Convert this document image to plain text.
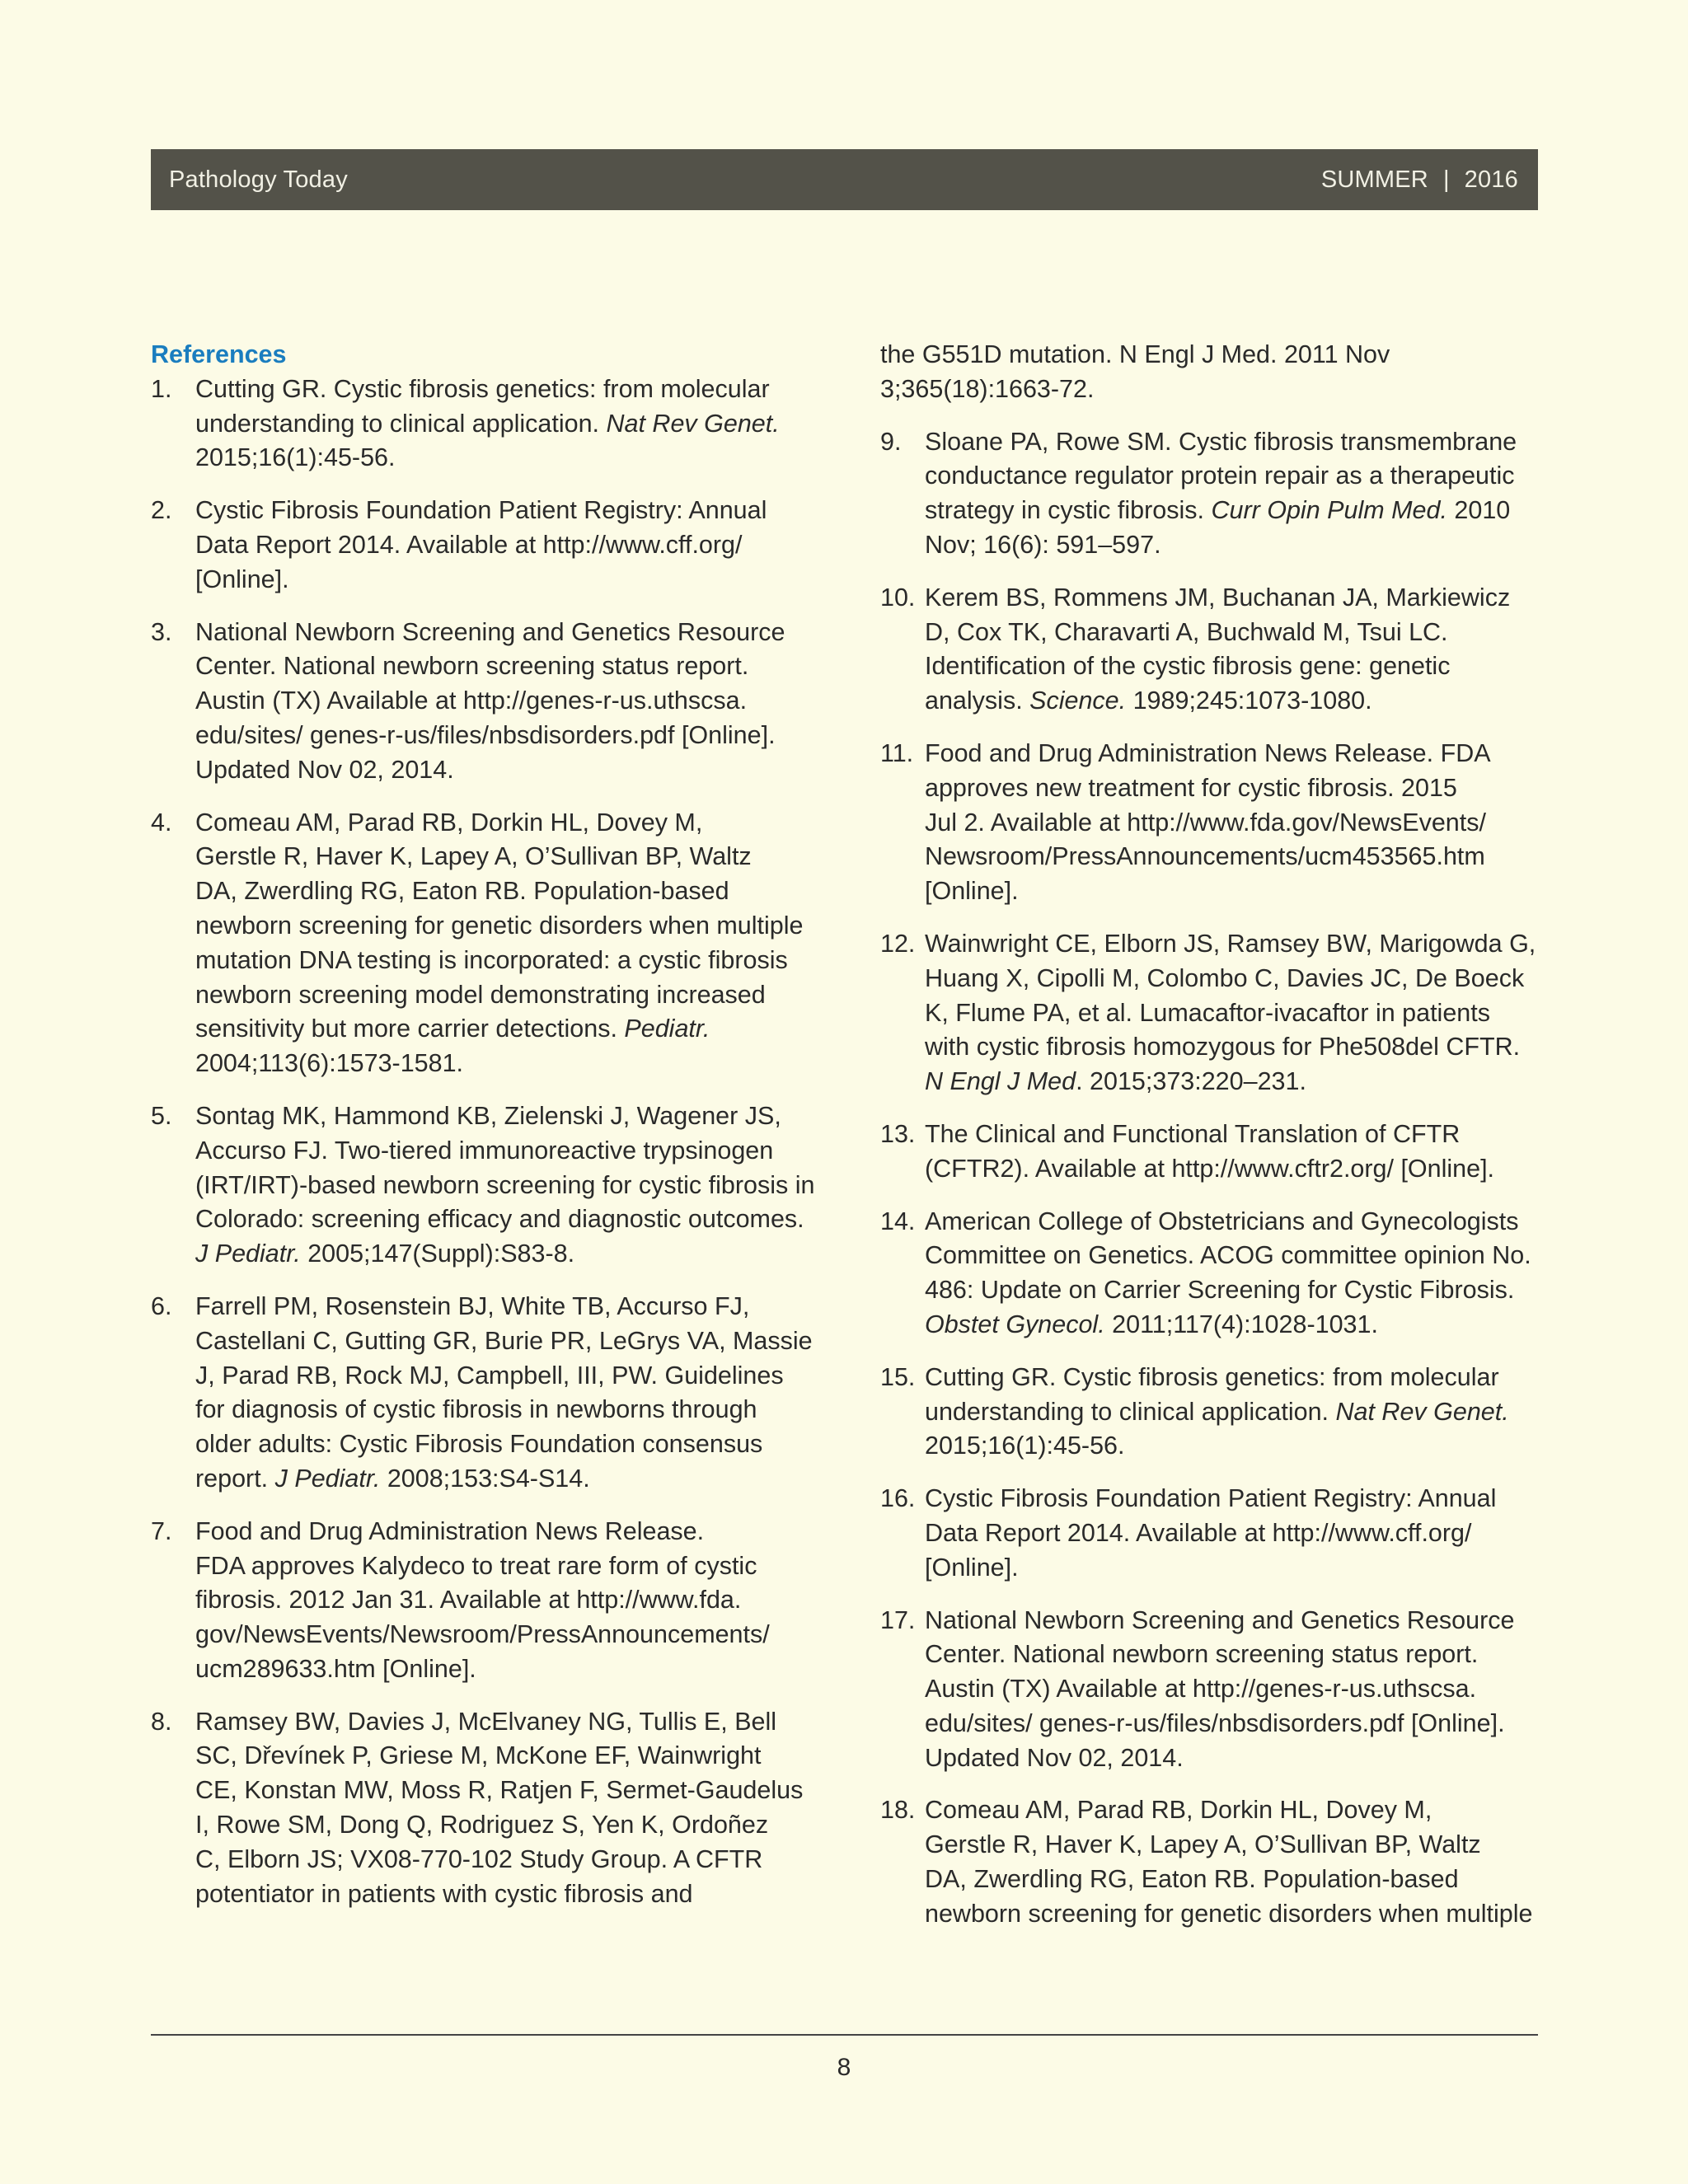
Pathology Today	SUMMER | 2016
References
1. Cutting GR. Cystic fibrosis genetics: from molecular
understanding to clinical application. Nat Rev Genet.
2015;16(1):45-56.
2. Cystic Fibrosis Foundation Patient Registry: Annual
Data Report 2014. Available at http://www.cff.org/
[Online].
3. National Newborn Screening and Genetics Resource
Center. National newborn screening status report.
Austin (TX) Available at http://genes-r-us.uthscsa.
edu/sites/ genes-r-us/files/nbsdisorders.pdf [Online].
Updated Nov 02, 2014.
4. Comeau AM, Parad RB, Dorkin HL, Dovey M,
Gerstle R, Haver K, Lapey A, O’Sullivan BP, Waltz
DA, Zwerdling RG, Eaton RB. Population-based
newborn screening for genetic disorders when multiple
mutation DNA testing is incorporated: a cystic fibrosis
newborn screening model demonstrating increased
sensitivity but more carrier detections. Pediatr.
2004;113(6):1573-1581.
5. Sontag MK, Hammond KB, Zielenski J, Wagener JS,
Accurso FJ. Two-tiered immunoreactive trypsinogen
(IRT/IRT)-based newborn screening for cystic fibrosis in
Colorado: screening efficacy and diagnostic outcomes.
J Pediatr. 2005;147(Suppl):S83-8.
6. Farrell PM, Rosenstein BJ, White TB, Accurso FJ,
Castellani C, Gutting GR, Burie PR, LeGrys VA, Massie
J, Parad RB, Rock MJ, Campbell, III, PW. Guidelines
for diagnosis of cystic fibrosis in newborns through
older adults: Cystic Fibrosis Foundation consensus
report. J Pediatr. 2008;153:S4-S14.
7. Food and Drug Administration News Release.
FDA approves Kalydeco to treat rare form of cystic
fibrosis. 2012 Jan 31. Available at http://www.fda.
gov/NewsEvents/Newsroom/PressAnnouncements/
ucm289633.htm [Online].
8. Ramsey BW, Davies J, McElvaney NG, Tullis E, Bell
SC, Dřevínek P, Griese M, McKone EF, Wainwright
CE, Konstan MW, Moss R, Ratjen F, Sermet-Gaudelus
I, Rowe SM, Dong Q, Rodriguez S, Yen K, Ordoñez
C, Elborn JS; VX08-770-102 Study Group. A CFTR
potentiator in patients with cystic fibrosis and
the G551D mutation. N Engl J Med. 2011 Nov
3;365(18):1663-72.
9. Sloane PA, Rowe SM. Cystic fibrosis transmembrane
conductance regulator protein repair as a therapeutic
strategy in cystic fibrosis. Curr Opin Pulm Med. 2010
Nov; 16(6): 591–597.
10. Kerem BS, Rommens JM, Buchanan JA, Markiewicz
D, Cox TK, Charavarti A, Buchwald M, Tsui LC.
Identification of the cystic fibrosis gene: genetic
analysis. Science. 1989;245:1073-1080.
11. Food and Drug Administration News Release. FDA
approves new treatment for cystic fibrosis. 2015
Jul 2. Available at http://www.fda.gov/NewsEvents/
Newsroom/PressAnnouncements/ucm453565.htm
[Online].
12. Wainwright CE, Elborn JS, Ramsey BW, Marigowda G,
Huang X, Cipolli M, Colombo C, Davies JC, De Boeck
K, Flume PA, et al. Lumacaftor-ivacaftor in patients
with cystic fibrosis homozygous for Phe508del CFTR.
N Engl J Med. 2015;373:220–231.
13. The Clinical and Functional Translation of CFTR
(CFTR2). Available at http://www.cftr2.org/ [Online].
14. American College of Obstetricians and Gynecologists
Committee on Genetics. ACOG committee opinion No.
486: Update on Carrier Screening for Cystic Fibrosis.
Obstet Gynecol. 2011;117(4):1028-1031.
15. Cutting GR. Cystic fibrosis genetics: from molecular
understanding to clinical application. Nat Rev Genet.
2015;16(1):45-56.
16. Cystic Fibrosis Foundation Patient Registry: Annual
Data Report 2014. Available at http://www.cff.org/
[Online].
17. National Newborn Screening and Genetics Resource
Center. National newborn screening status report.
Austin (TX) Available at http://genes-r-us.uthscsa.
edu/sites/ genes-r-us/files/nbsdisorders.pdf [Online].
Updated Nov 02, 2014.
18. Comeau AM, Parad RB, Dorkin HL, Dovey M,
Gerstle R, Haver K, Lapey A, O’Sullivan BP, Waltz
DA, Zwerdling RG, Eaton RB. Population-based
newborn screening for genetic disorders when multiple
8
